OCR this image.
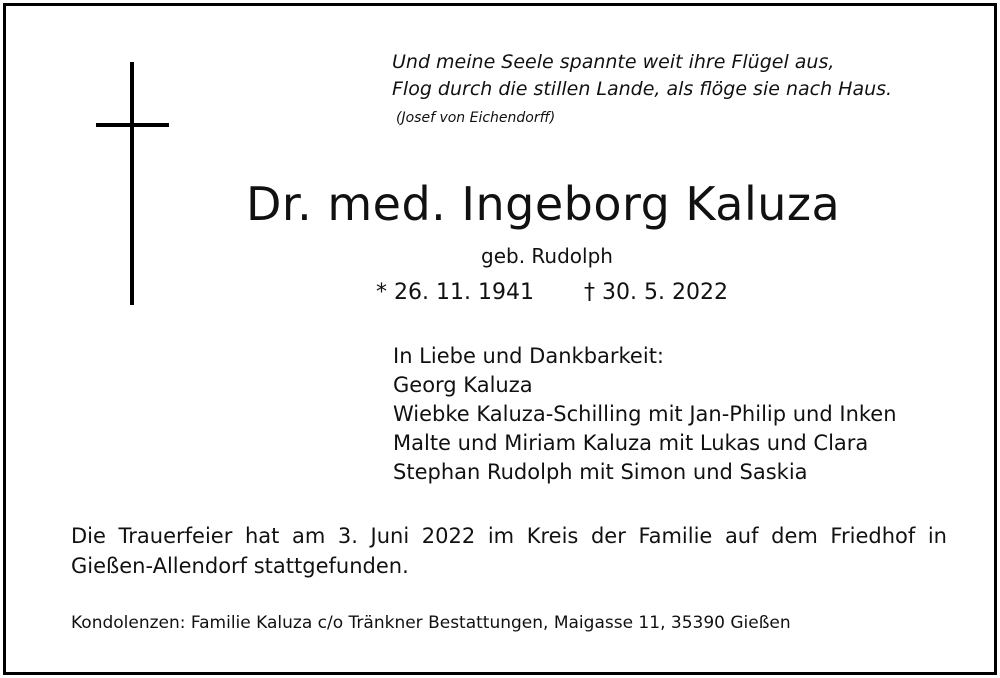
Und meine Seele spannte weit ihre Flügel aus,
Flog durch die stillen Lande, als flöge sie nach Haus.
(Josef von Eichendorff)
Dr. med. Ingeborg Kaluza
geb. Rudolph
* 26. 11. 1941 † 30. 5. 2022
In Liebe und Dankbarkeit:
Georg Kaluza
Wiebke Kaluza-Schilling mit Jan-Philip und Inken
Malte und Miriam Kaluza mit Lukas und Clara
Stephan Rudolph mit Simon und Saskia
Die Trauerfeier hat am 3. Juni 2022 im Kreis der Familie auf dem Friedhof in Gießen-Allendorf stattgefunden.
Kondolenzen: Familie Kaluza c/o Tränkner Bestattungen, Maigasse 11, 35390 Gießen
